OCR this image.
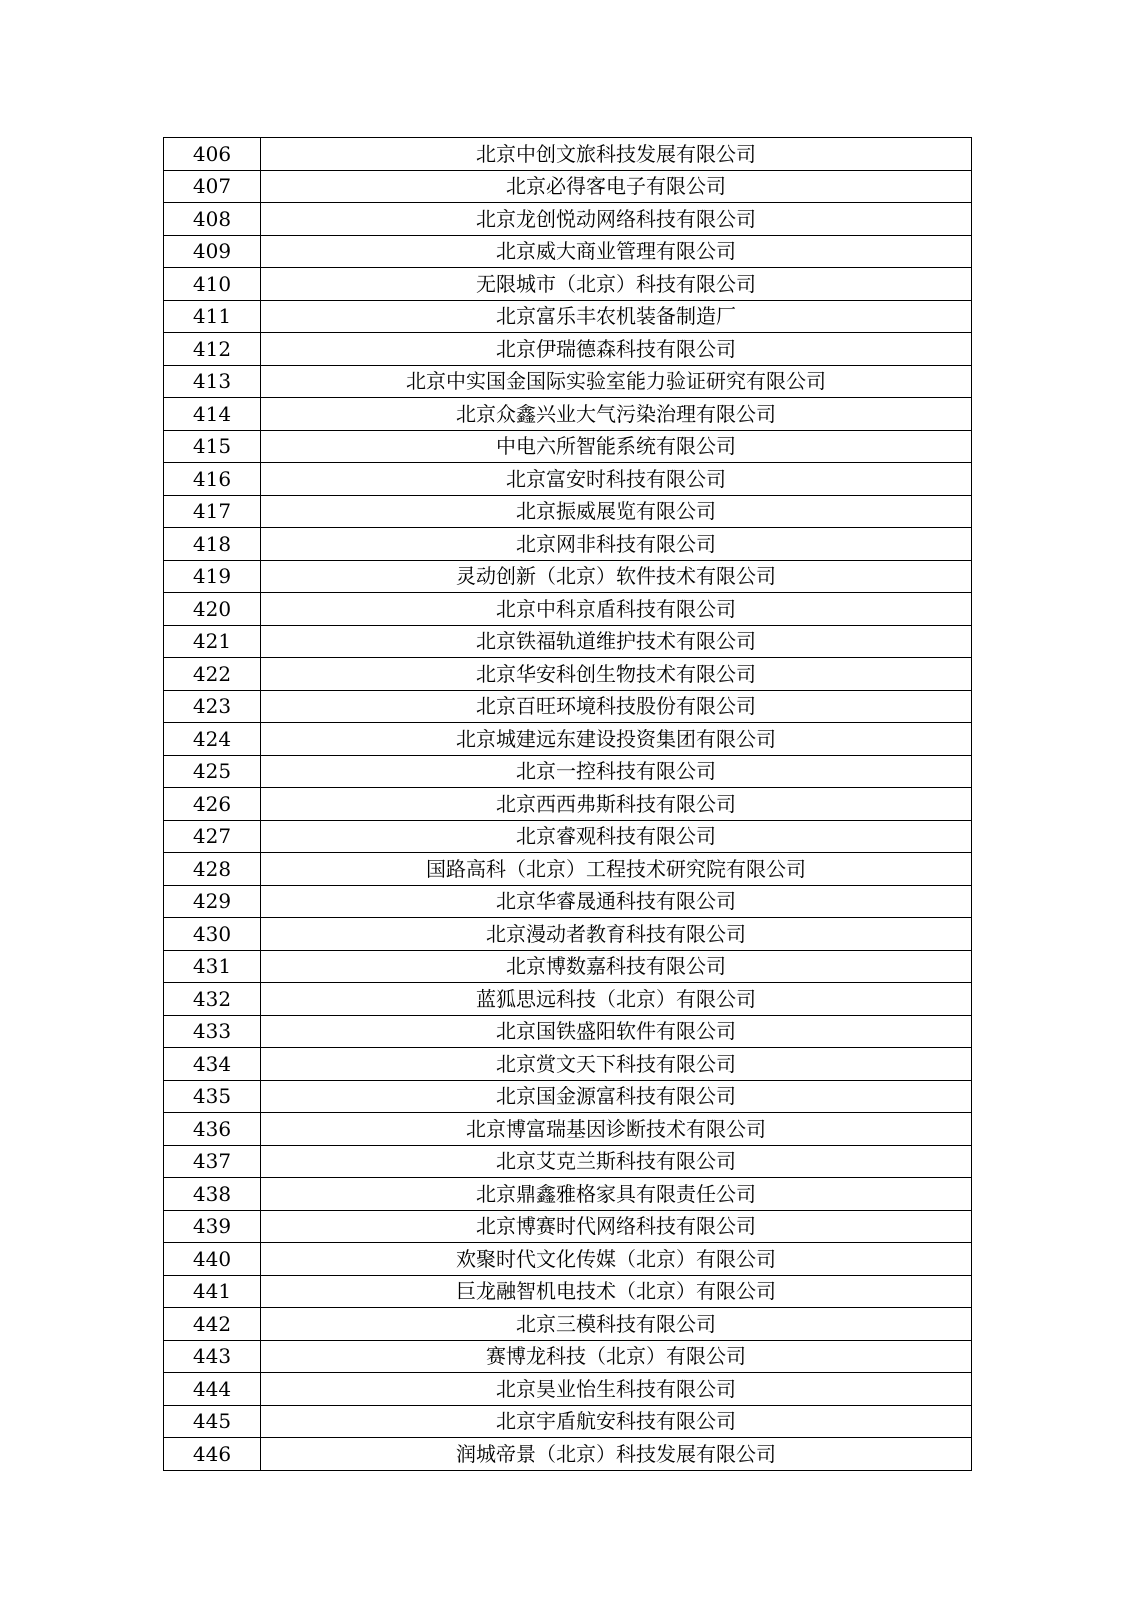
406	北京中创文旅科技发展有限公司
407	北京必得客电子有限公司
408	北京龙创悦动网络科技有限公司
409	北京威大商业管理有限公司
410	无限城市（北京）科技有限公司
411	北京富乐丰农机装备制造厂
412	北京伊瑞德森科技有限公司
413	北京中实国金国际实验室能力验证研究有限公司
414	北京众鑫兴业大气污染治理有限公司
415	中电六所智能系统有限公司
416	北京富安时科技有限公司
417	北京振威展览有限公司
418	北京网非科技有限公司
419	灵动创新（北京）软件技术有限公司
420	北京中科京盾科技有限公司
421	北京铁福轨道维护技术有限公司
422	北京华安科创生物技术有限公司
423	北京百旺环境科技股份有限公司
424	北京城建远东建设投资集团有限公司
425	北京一控科技有限公司
426	北京西西弗斯科技有限公司
427	北京睿观科技有限公司
428	国路高科（北京）工程技术研究院有限公司
429	北京华睿晟通科技有限公司
430	北京漫动者教育科技有限公司
431	北京博数嘉科技有限公司
432	蓝狐思远科技（北京）有限公司
433	北京国铁盛阳软件有限公司
434	北京赏文天下科技有限公司
435	北京国金源富科技有限公司
436	北京博富瑞基因诊断技术有限公司
437	北京艾克兰斯科技有限公司
438	北京鼎鑫雅格家具有限责任公司
439	北京博赛时代网络科技有限公司
440	欢聚时代文化传媒（北京）有限公司
441	巨龙融智机电技术（北京）有限公司
442	北京三模科技有限公司
443	赛博龙科技（北京）有限公司
444	北京昊业怡生科技有限公司
445	北京宇盾航安科技有限公司
446	润城帝景（北京）科技发展有限公司
